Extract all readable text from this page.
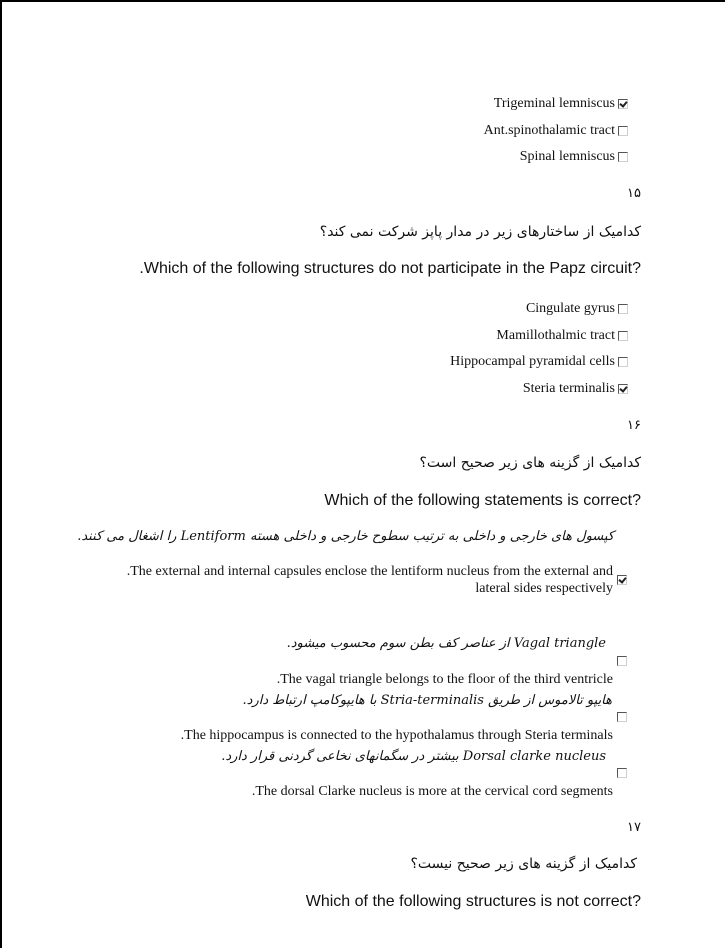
Trigeminal lemniscus
Ant.spinothalamic tract
Spinal lemniscus
۱۵
کدامیک از ساختارهای زیر در مدار پاپز شرکت نمی کند؟
.Which of the following structures do not participate in the Papz circuit?
Cingulate gyrus
Mamillothalmic tract
Hippocampal pyramidal cells
Steria terminalis
۱۶
کدامیک از گزینه های زیر صحیح است؟
Which of the following statements is correct?
کپسول های خارجی و داخلی به ترتیب سطوح خارجی و داخلی هسته Lentiform را اشغال می کنند.
.The external and internal capsules enclose the lentiform nucleus from the external and
lateral sides respectively
Vagal triangle از عناصر کف بطن سوم محسوب میشود.
.The vagal triangle belongs to the floor of the third ventricle
هایپو تالاموس از طریق Stria-terminalis با هایپوکامپ ارتباط دارد.
.The hippocampus is connected to the hypothalamus through Steria terminals
Dorsal clarke nucleus بیشتر در سگمانهای نخاعی گردنی قرار دارد.
.The dorsal Clarke nucleus is more at the cervical cord segments
۱۷
کدامیک از گزینه های زیر صحیح نیست؟
Which of the following structures is not correct?
